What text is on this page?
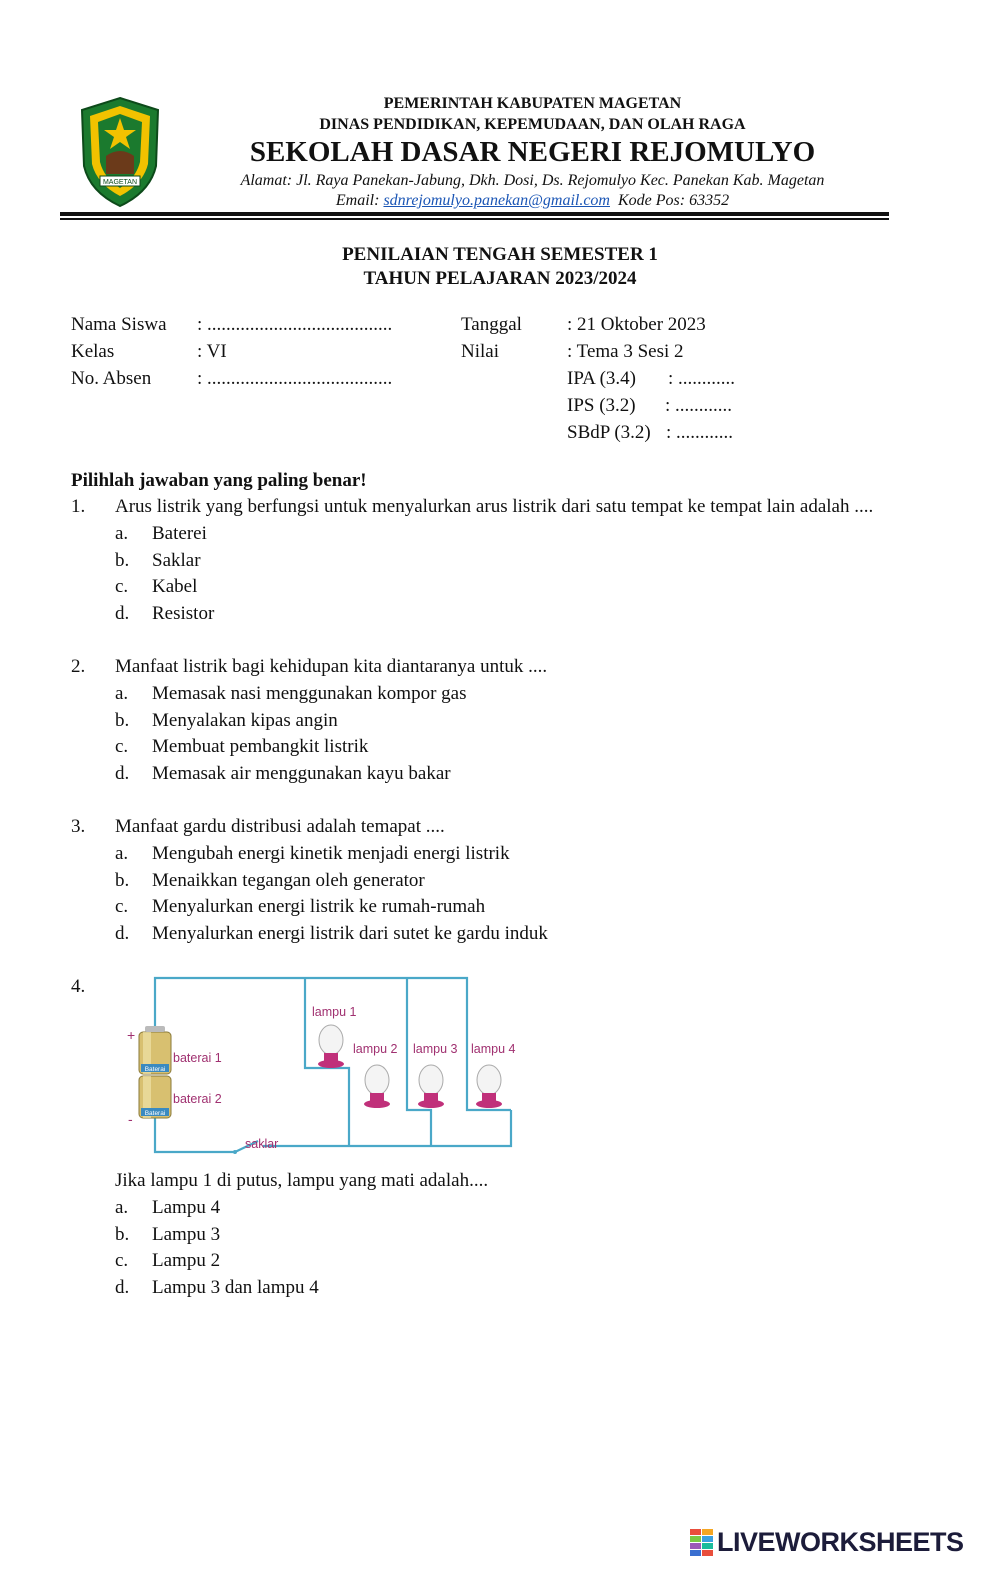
MAGETAN
PEMERINTAH KABUPATEN MAGETAN
DINAS PENDIDIKAN, KEPEMUDAAN, DAN OLAH RAGA
SEKOLAH DASAR NEGERI REJOMULYO
Alamat: Jl. Raya Panekan-Jabung, Dkh. Dosi, Ds. Rejomulyo Kec. Panekan Kab. Magetan
Email: sdnrejomulyo.panekan@gmail.com Kode Pos: 63352
PENILAIAN TENGAH SEMESTER 1
TAHUN PELAJARAN 2023/2024
Nama Siswa : .......................................
Kelas	: VI
No. Absen : .......................................
Tanggal : 21 Oktober 2023
Nilai	: Tema 3 Sesi 2
IPA (3.4) : ............
IPS (3.2) : ............
SBdP (3.2) : ............
Pilihlah jawaban yang paling benar!
1. Arus listrik yang berfungsi untuk menyalurkan arus listrik dari satu tempat ke tempat lain adalah ....
a. Baterei
b. Saklar
c. Kabel
d. Resistor
2. Manfaat listrik bagi kehidupan kita diantaranya untuk ....
a. Memasak nasi menggunakan kompor gas
b. Menyalakan kipas angin
c. Membuat pembangkit listrik
d. Memasak air menggunakan kayu bakar
3. Manfaat gardu distribusi adalah temapat ....
a. Mengubah energi kinetik menjadi energi listrik
b. Menaikkan tegangan oleh generator
c. Menyalurkan energi listrik ke rumah-rumah
d. Menyalurkan energi listrik dari sutet ke gardu induk
4.
saklar
Baterai
Baterai
+
-
baterai 1
baterai 2
lampu 1
lampu 2 lampu 3 lampu 4
Jika lampu 1 di putus, lampu yang mati adalah....
a. Lampu 4
b. Lampu 3
c. Lampu 2
d. Lampu 3 dan lampu 4
LIVEWORKSHEETS
